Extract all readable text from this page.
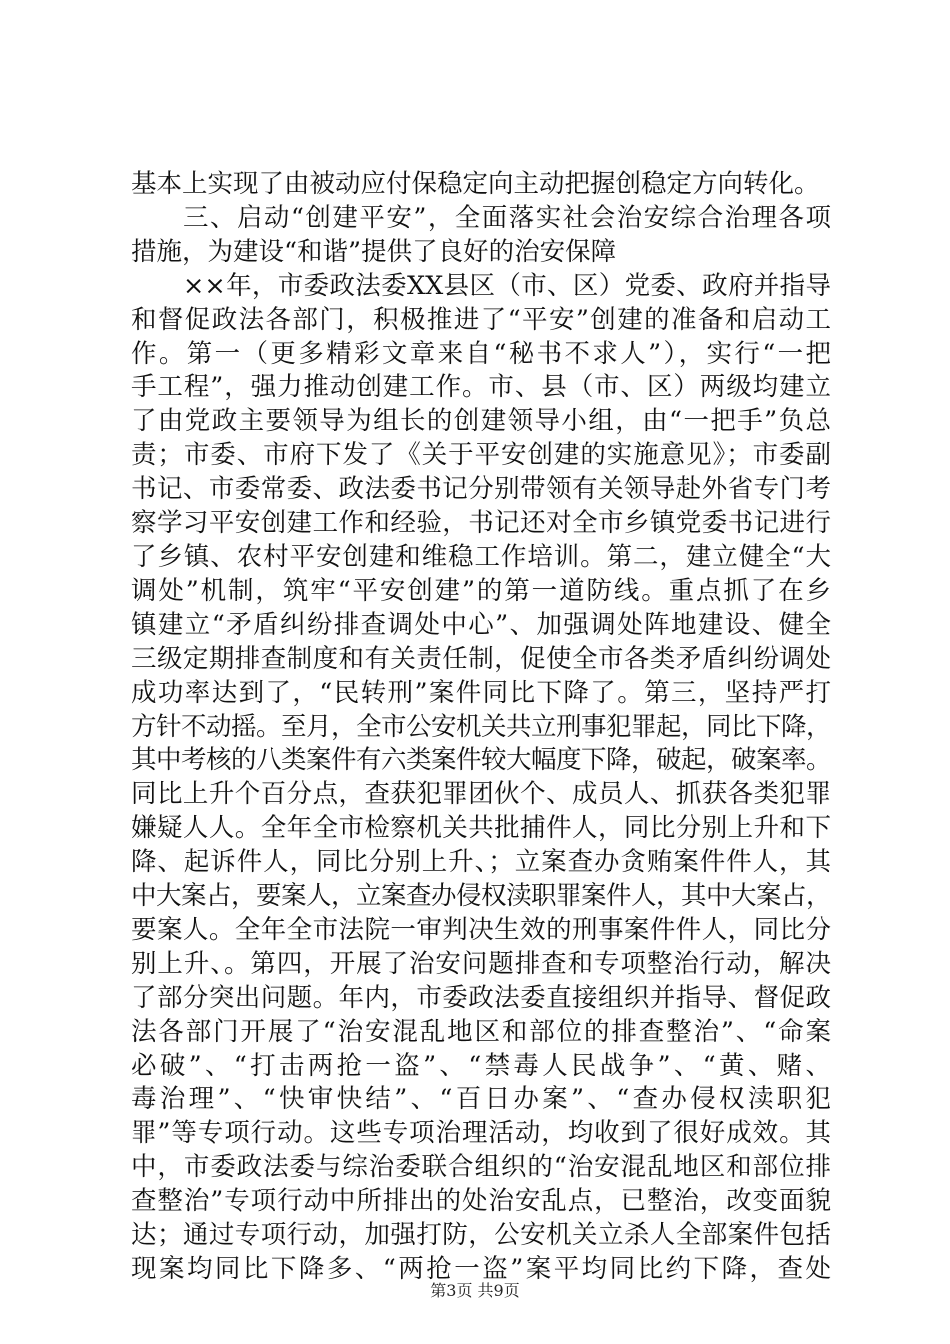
基本上实现了由被动应付保稳定向主动把握创稳定方向转化。
三、启动“创建平安”，全面落实社会治安综合治理各项
措施，为建设“和谐”提供了良好的治安保障
××年，市委政法委XX县区（市、区）党委、政府并指导
和督促政法各部门，积极推进了“平安”创建的准备和启动工
作。第一（更多精彩文章来自“秘书不求人”），实行“一把
手工程”，强力推动创建工作。市、县（市、区）两级均建立
了由党政主要领导为组长的创建领导小组，由“一把手”负总
责；市委、市府下发了《关于平安创建的实施意见》；市委副
书记、市委常委、政法委书记分别带领有关领导赴外省专门考
察学习平安创建工作和经验，书记还对全市乡镇党委书记进行
了乡镇、农村平安创建和维稳工作培训。第二，建立健全“大
调处”机制，筑牢“平安创建”的第一道防线。重点抓了在乡
镇建立“矛盾纠纷排查调处中心”、加强调处阵地建设、健全
三级定期排查制度和有关责任制，促使全市各类矛盾纠纷调处
成功率达到了，“民转刑”案件同比下降了。第三，坚持严打
方针不动摇。至月，全市公安机关共立刑事犯罪起，同比下降，
其中考核的八类案件有六类案件较大幅度下降，破起，破案率。
同比上升个百分点，查获犯罪团伙个、成员人、抓获各类犯罪
嫌疑人人。全年全市检察机关共批捕件人，同比分别上升和下
降、起诉件人，同比分别上升、；立案查办贪贿案件件人，其
中大案占，要案人，立案查办侵权渎职罪案件人，其中大案占，
要案人。全年全市法院一审判决生效的刑事案件件人，同比分
别上升、。第四，开展了治安问题排查和专项整治行动，解决
了部分突出问题。年内，市委政法委直接组织并指导、督促政
法各部门开展了“治安混乱地区和部位的排查整治”、“命案
必破”、“打击两抢一盗”、“禁毒人民战争”、“黄、赌、
毒治理”、“快审快结”、“百日办案”、“查办侵权渎职犯
罪”等专项行动。这些专项治理活动，均收到了很好成效。其
中，市委政法委与综治委联合组织的“治安混乱地区和部位排
查整治”专项行动中所排出的处治安乱点，已整治，改变面貌
达；通过专项行动，加强打防，公安机关立杀人全部案件包括
现案均同比下降多、“两抢一盗”案平均同比约下降，查处
第3页 共9页
